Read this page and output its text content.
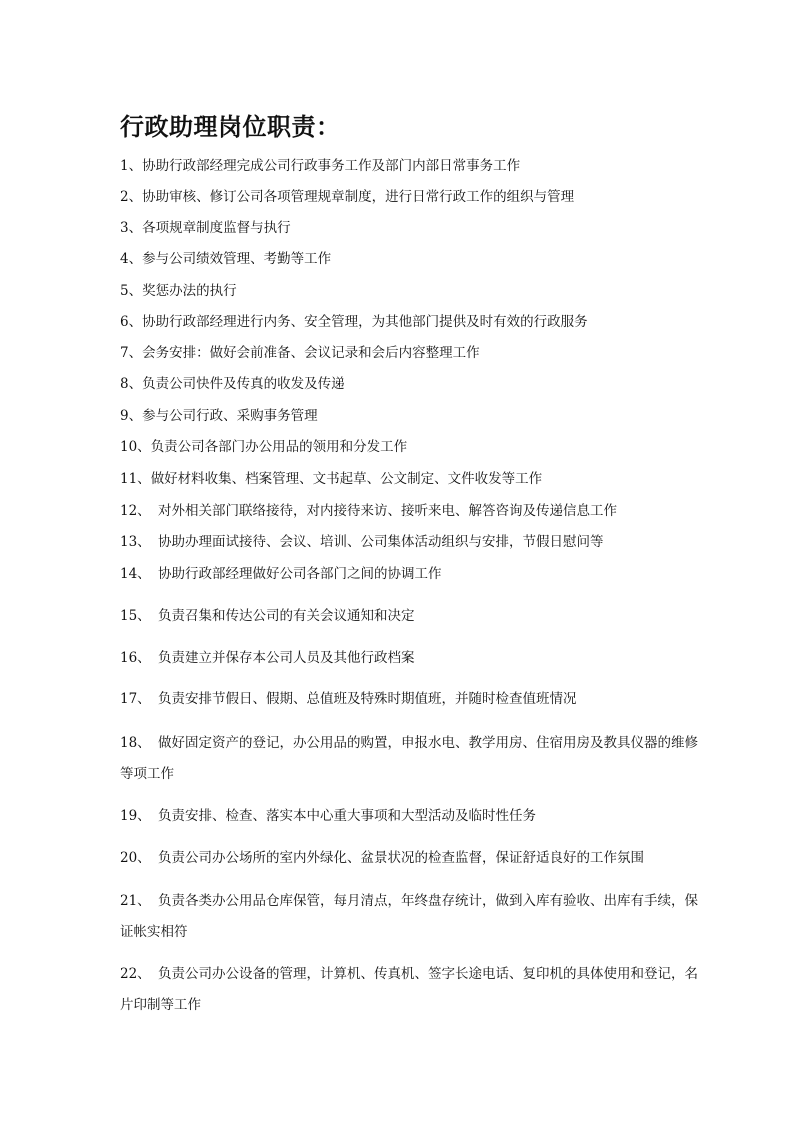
行政助理岗位职责：
1、协助行政部经理完成公司行政事务工作及部门内部日常事务工作
2、协助审核、修订公司各项管理规章制度，进行日常行政工作的组织与管理
3、各项规章制度监督与执行
4、参与公司绩效管理、考勤等工作
5、奖惩办法的执行
6、协助行政部经理进行内务、安全管理，为其他部门提供及时有效的行政服务
7、会务安排：做好会前准备、会议记录和会后内容整理工作
8、负责公司快件及传真的收发及传递
9、参与公司行政、采购事务管理
10、负责公司各部门办公用品的领用和分发工作
11、做好材料收集、档案管理、文书起草、公文制定、文件收发等工作
12、 对外相关部门联络接待，对内接待来访、接听来电、解答咨询及传递信息工作
13、 协助办理面试接待、会议、培训、公司集体活动组织与安排，节假日慰问等
14、 协助行政部经理做好公司各部门之间的协调工作
15、 负责召集和传达公司的有关会议通知和决定
16、 负责建立并保存本公司人员及其他行政档案
17、 负责安排节假日、假期、总值班及特殊时期值班，并随时检查值班情况
18、 做好固定资产的登记，办公用品的购置，申报水电、教学用房、住宿用房及教具仪器的维修等项工作
19、 负责安排、检查、落实本中心重大事项和大型活动及临时性任务
20、 负责公司办公场所的室内外绿化、盆景状况的检查监督，保证舒适良好的工作氛围
21、 负责各类办公用品仓库保管，每月清点，年终盘存统计，做到入库有验收、出库有手续，保证帐实相符
22、 负责公司办公设备的管理，计算机、传真机、签字长途电话、复印机的具体使用和登记，名片印制等工作
